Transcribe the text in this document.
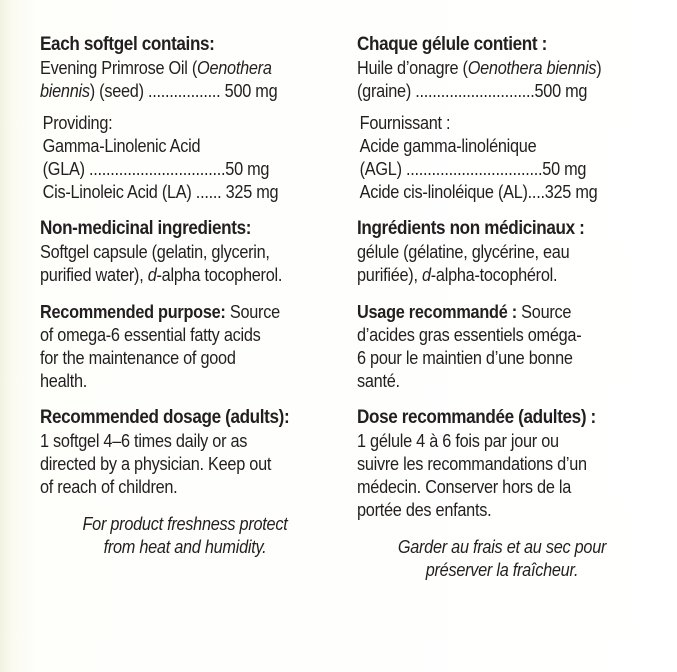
Each softgel contains:
Evening Primrose Oil (Oenothera
biennis) (seed) ................. 500 mg
Providing:
Gamma-Linolenic Acid
(GLA) ................................50 mg
Cis-Linoleic Acid (LA) ...... 325 mg
Non-medicinal ingredients:
Softgel capsule (gelatin, glycerin,
purified water), d-alpha tocopherol.
Recommended purpose: Source
of omega-6 essential fatty acids
for the maintenance of good
health.
Recommended dosage (adults):
1 softgel 4–6 times daily or as
directed by a physician. Keep out
of reach of children.
For product freshness protect
from heat and humidity.
Chaque gélule contient :
Huile d’onagre (Oenothera biennis)
(graine) ............................500 mg
Fournissant :
Acide gamma-linolénique
(AGL) ................................50 mg
Acide cis-linoléique (AL)....325 mg
Ingrédients non médicinaux :
gélule (gélatine, glycérine, eau
purifiée), d-alpha-tocophérol.
Usage recommandé : Source
d’acides gras essentiels oméga-
6 pour le maintien d’une bonne
santé.
Dose recommandée (adultes) :
1 gélule 4 à 6 fois par jour ou
suivre les recommandations d’un
médecin. Conserver hors de la
portée des enfants.
Garder au frais et au sec pour
préserver la fraîcheur.
